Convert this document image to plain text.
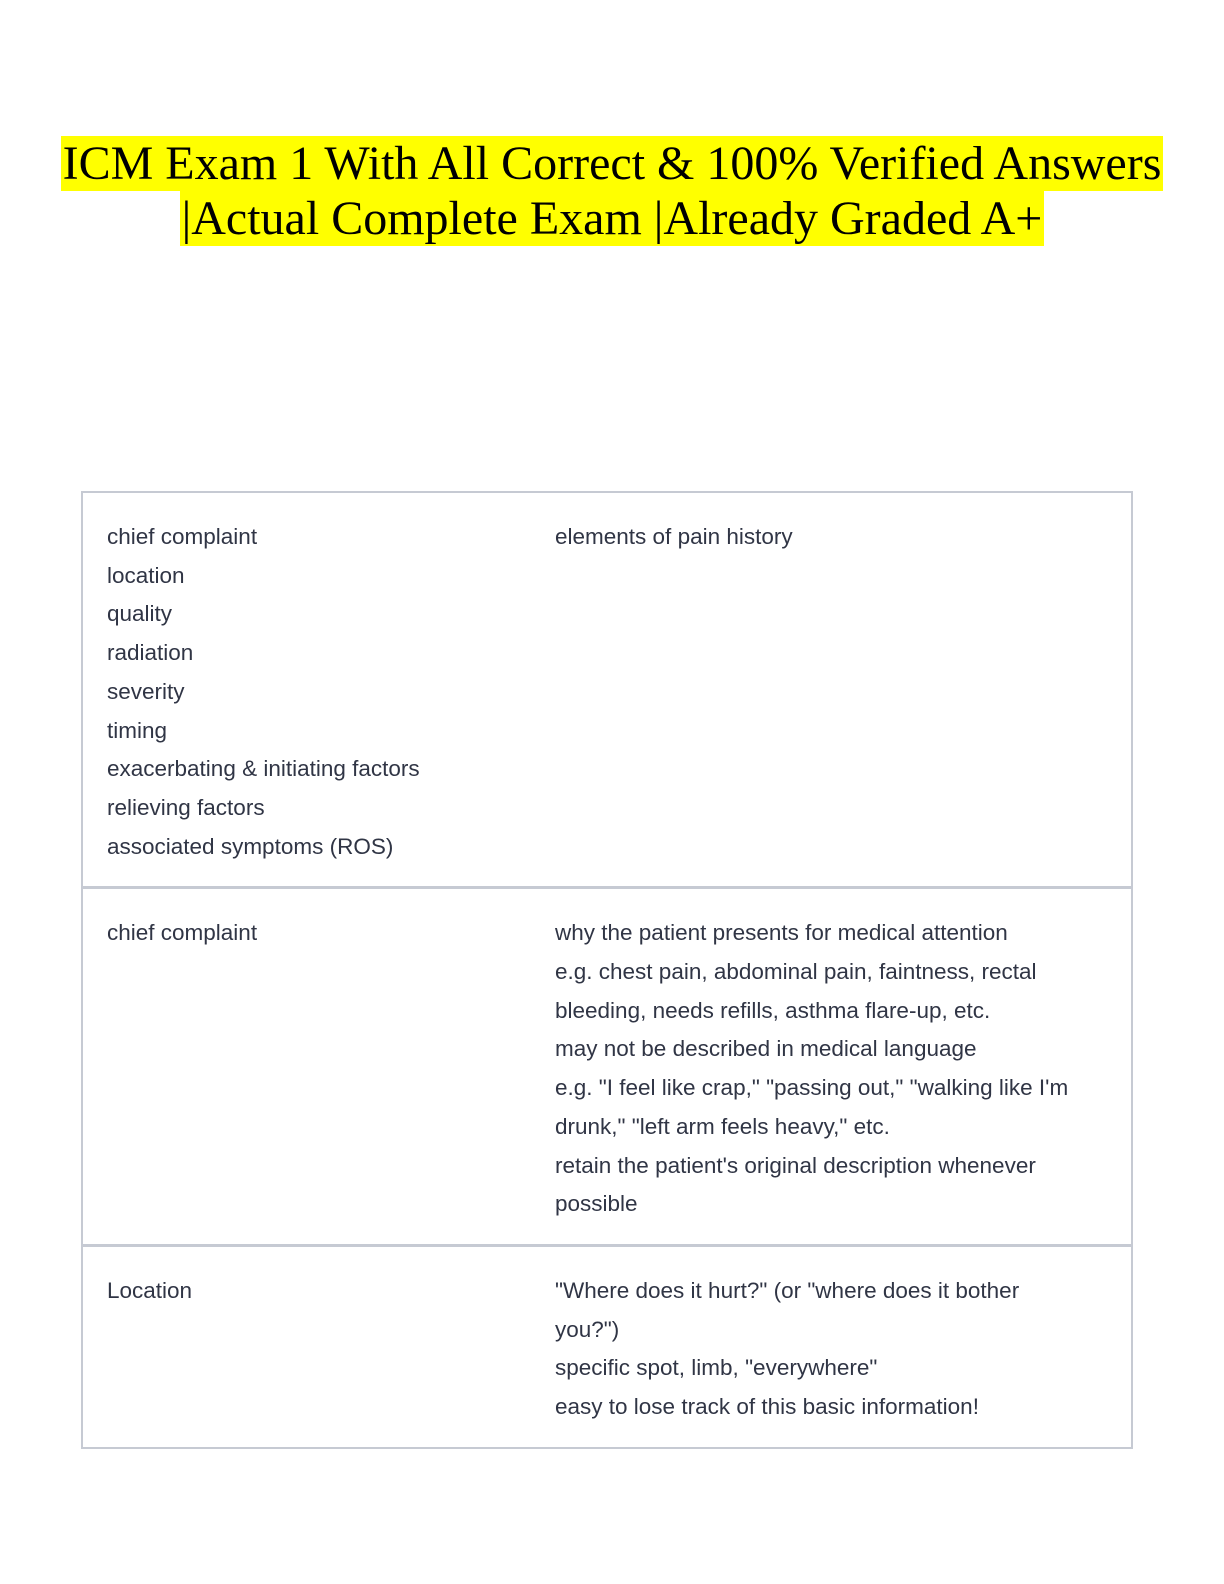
ICM Exam 1 With All Correct & 100% Verified Answers
|Actual Complete Exam |Already Graded A+
chief complaint
location
quality
radiation
severity
timing
exacerbating & initiating factors
relieving factors
associated symptoms (ROS)
elements of pain history
chief complaint	why the patient presents for medical attention
e.g. chest pain, abdominal pain, faintness, rectal
bleeding, needs refills, asthma flare-up, etc.
may not be described in medical language
e.g. "I feel like crap," "passing out," "walking like I'm
drunk," "left arm feels heavy," etc.
retain the patient's original description whenever
possible
Location	"Where does it hurt?" (or "where does it bother
you?")
specific spot, limb, "everywhere"
easy to lose track of this basic information!
